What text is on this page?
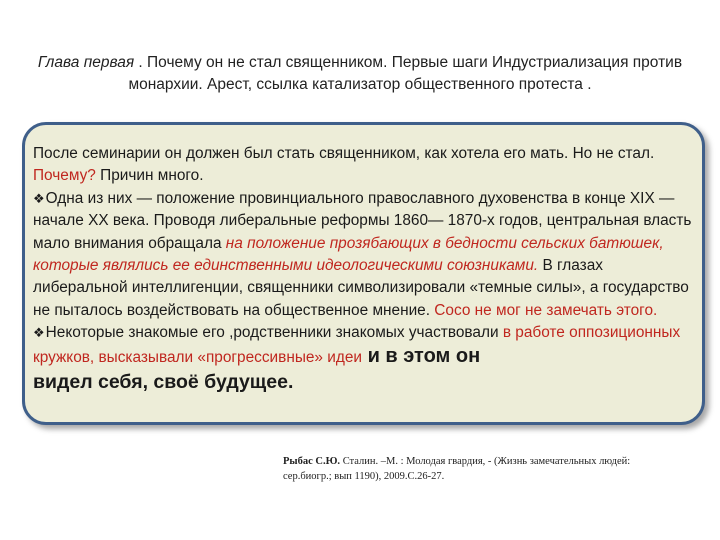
Глава первая . Почему он не стал священником. Первые шаги Индустриализация против монархии. Арест, ссылка катализатор общественного протеста .

После семинарии он должен был стать священником, как хотела его мать. Но не стал. Почему? Причин много.

❖Одна из них — положение провинциального православного духовенства в конце XIX — начале XX века. Проводя либеральные реформы 1860— 1870-х годов, центральная власть мало внимания обращала на положение прозябающих в бедности сельских батюшек, которые являлись ее единственными идеологическими союзниками. В глазах либеральной интеллигенции, священники символизировали «темные силы», а государство не пыталось воздействовать на общественное мнение. Сосо не мог не замечать этого.

❖Некоторые знакомые его ,родственники знакомых участвовали в работе оппозиционных кружков, высказывали «прогрессивные» идеи и в этом он

видел себя, своё будущее.

Рыбас С.Ю. Сталин. –М. : Молодая гвардия, - (Жизнь замечательных людей: сер.биогр.; вып 1190), 2009.С.26-27.
